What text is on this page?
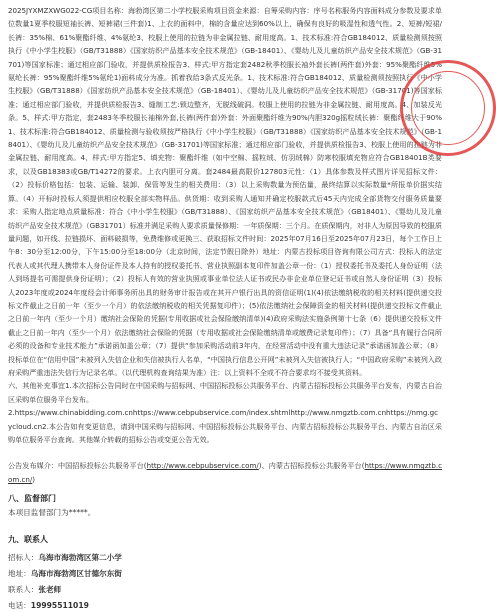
2025JYXMZXWG022-CG项目名称：海勃湾区第二小学校服采购项目资金来源：自筹采购内容：序号名称服务内容面料成分参数及要求单位数量1夏季校服短袖长裤、短裤裙(三件套)1、上衣的面料中，棉的含量应达到60%以上，确保有良好的吸湿性和透气性。2、短裤/短裙/长裤：35%棉、61%聚酯纤维、4%氨纶3、校服上使用的拉链为非金属拉链、耐用度高。1、技术标准:符合GB184012、质量检测须按照执行《中小学生校服》（GB/T31888）《国家纺织产品基本安全技术规范》（GB-18401）、《婴幼儿及儿童纺织产品安全技术规范》（GB-31701)等国家标准；通过相应部门验收，并提供质检报告3、样式:甲方指定套2482秋季校服长袖外套长裤(两件套)外套：95%聚酯纤维5%氨纶长裤：95%聚酯纤维5%氨纶1)面料成分为准。抓着我给3条式反光条。1、技术标准:符合GB184012、质量检测须按照执行《中小学生校服》（GB/T31888）《国家纺织产品基本安全技术规范》（GB-18401）、《婴幼儿及儿童纺织产品安全技术规范》（GB-31701)等国家标准；通过相应部门验收，并提供质检报告3、缝制工艺:锁边整齐，无脱线破洞。校服上使用的拉链为非金属拉链、耐用度高。4、加装反光条。5、样式:甲方指定，套2483冬季校服长袖棉外套,长裤(两件套)外套：外面聚酯纤维为90%内胆320g摇粒绒长裤：聚酯纤维大于90%1、技术标准:符合GB184012、质量检测与验收须按严格执行《中小学生校服》（GB/T31888）《国家纺织产品基本安全技术规范》（GB-18401）、《婴幼儿及儿童纺织产品安全技术规范》（GB-31701)等国家标准；通过相应部门验收，并提供质检报告3、校服上使用的拉链为非金属拉链、耐用度高。4、样式:甲方指定5、填充物：聚酯纤维（如中空棉、摇粒绒、仿羽绒棉）防寒校服填充物应符合GB18401B类要求，以及GB18383或GB/T14272的要求。上衣内胆可分离。套2484最高限价127803元性：（1）具体参数及样式图片详见招标文件：（2）投标价格包括：包装、运输、装卸、保管等发生的相关费用：（3）以上采购数量为预估量，最终结算以实际数量*所报单价据实结算。（4）开标时投标人须提供相应校服全部实物样品。供货期：收到采购人通知并确定校服款式后45天内完成全部货物交付服务质量要求：采购人指定地点质量标准：符合《中小学生校服》（GB/T31888）、《国家纺织产品基本安全技术规范》（GB18401）、《婴幼儿及儿童纺织产品安全技术规范》（GB31701）标准并满足采购人要求质量保修期：一年质保期：三个月。在质保期内，对非人为原因导致的校服质量问题，如开线、拉链损坏、面料破损等，免费维修或更换三、获取招标文件时间：2025年07月16日至2025年07月23日，每个工作日上午8：30分至12:00分，下午15:00分至18:00分（北京时间，法定节假日除外）地址：内蒙古投标项目咨询有限公司方式：投标人的法定代表人或其代理人携带本人身份证件及本人持有的授权委托书、营业执照副本复印件加盖公章一份：（1）授权委托书及委托人身份证明（法人到场提名可需提供身份证明）；（2）投标人有效的营业执照或事业单位法人证书或民办非企业单位登记证书或自然人身份证明（3）投标人2023年度或2024年度经会计师事务所出具的财务审计报告或在其开户银行出具的资信证明(1)(4)依法缴纳税收的相关材料(提供递交投标文件截止之日前一年（至少一个月）的依法缴纳税收的相关凭据复印件）；(5)依法缴纳社会保障资金的相关材料(提供递交投标文件截止之日前一年内（至少一个月）缴纳社会保险的凭据(专用收据或社会保险缴纳清单)(4)政府采购法实施条例第十七条（6）提供递交投标文件截止之日前一年内（至少一个月）依法缴纳社会保险的凭据（专用收据或社会保险缴纳清单或缴费记录复印件）；（7）具备“具有履行合同所必须的设备和专业技术能力”承诺函加盖公章；（7）提供“参加采购活动前3年内，在经营活动中没有重大违法记录”承诺函加盖公章；（8）投标单位在“信用中国”未被列入失信企业和失信被执行人名单，“中国执行信息公开网”未被列入失信被执行人；“中国政府采购”未被列入政府采购严重违法失信行为记录名单。（以代理机构查询结果为准）注：以上资料不全或不符合要求均不接受其资料。

六、其他补充事宜1.本次招标公告同时在中国采购与招标网、中国招标投标公共服务平台、内蒙古招标投标公共服务平台发布，内蒙古自治区采购单位服务平台发布。

2.https://www.chinabidding.com.cnhttps://www.cebpubservice.com/index.shtmlhttp://www.nmgztb.com.cnhttps://nmg.gcycloud.cn2.本公告如有变更信息，请到中国采购与招标网、中国招标投标公共服务平台、内蒙古招标投标公共服务平台、内蒙古自治区采购单位服务平台查询。其他媒介转载的招标公告或变更公告无效。

公告发布媒介：中国招标投标公共服务平台(http://www.cebpubservice.com/)、内蒙古招标投标公共服务平台(https://www.nmgztb.com.cn/)

八、监督部门
本项目监督部门为*****。
九、联系人
招标人：乌海市海勃湾区第二小学
地址：乌海市海勃湾区甘德尔东街
联系人：张老师
电话：19995511019
